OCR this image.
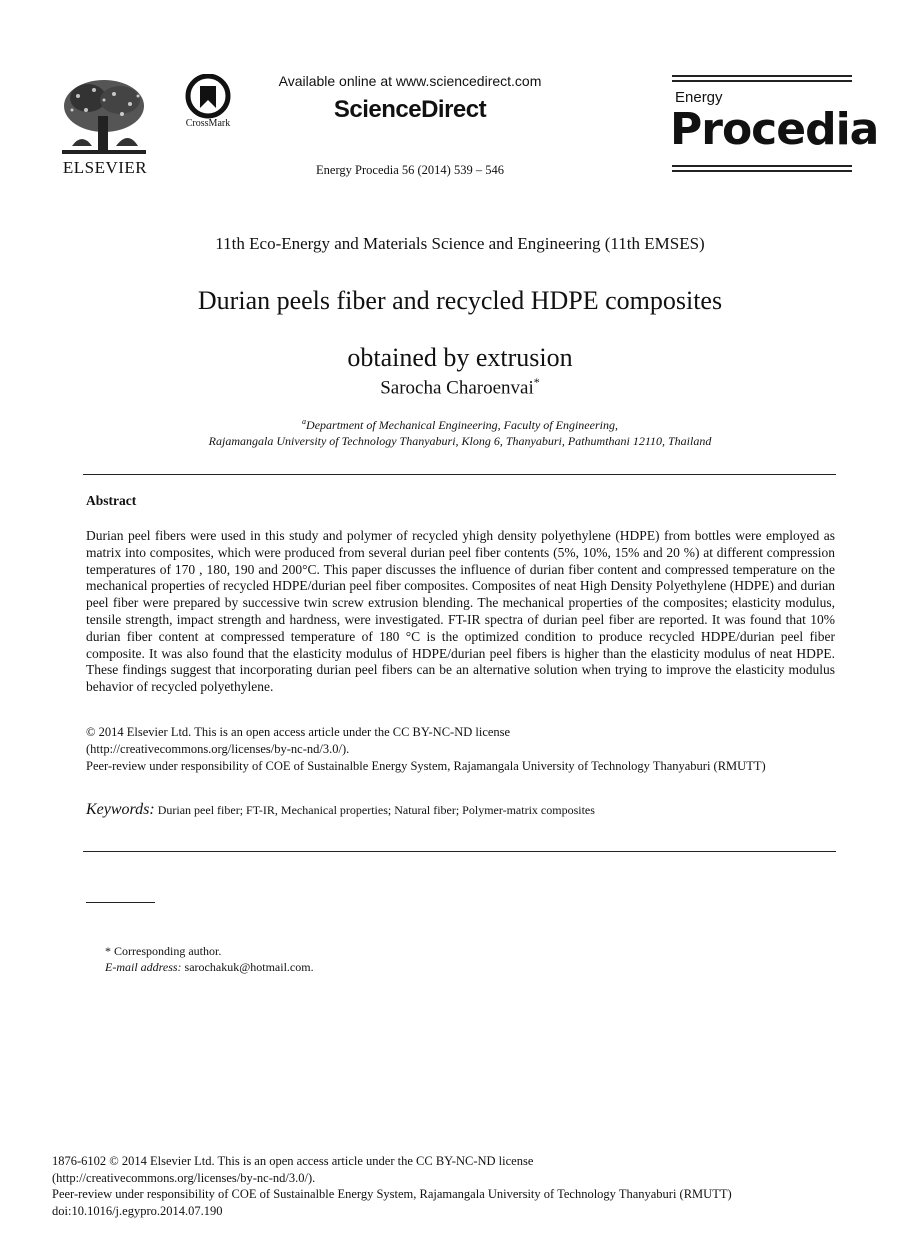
ELSEVIER
CrossMark
Available online at www.sciencedirect.com
ScienceDirect
Energy Procedia 56 (2014) 539 – 546
Energy
Procedia
11th Eco-Energy and Materials Science and Engineering (11th EMSES)
Durian peels fiber and recycled HDPE composites
obtained by extrusion
Sarocha Charoenvai*
$^a$Department of Mechanical Engineering, Faculty of Engineering,
Rajamangala University of Technology Thanyaburi, Klong 6, Thanyaburi, Pathumthani 12110, Thailand
Abstract
Durian peel fibers were used in this study and polymer of recycled yhigh density polyethylene (HDPE) from bottles were employed as matrix into composites, which were produced from several durian peel fiber contents (5%, 10%, 15% and 20 %) at different compression temperatures of 170 , 180, 190 and 200°C. This paper discusses the influence of durian fiber content and compressed temperature on the mechanical properties of recycled HDPE/durian peel fiber composites. Composites of neat High Density Polyethylene (HDPE) and durian peel fiber were prepared by successive twin screw extrusion blending. The mechanical properties of the composites; elasticity modulus, tensile strength, impact strength and hardness, were investigated. FT-IR spectra of durian peel fiber are reported. It was found that 10% durian fiber content at compressed temperature of 180 °C is the optimized condition to produce recycled HDPE/durian peel fiber composite. It was also found that the elasticity modulus of HDPE/durian peel fibers is higher than the elasticity modulus of neat HDPE. These findings suggest that incorporating durian peel fibers can be an alternative solution when trying to improve the elasticity modulus behavior of recycled polyethylene.
© 2014 Elsevier Ltd. This is an open access article under the CC BY-NC-ND license
(http://creativecommons.org/licenses/by-nc-nd/3.0/).
Peer-review under responsibility of COE of Sustainalble Energy System, Rajamangala University of Technology Thanyaburi (RMUTT)
Keywords: Durian peel fiber; FT-IR, Mechanical properties; Natural fiber; Polymer-matrix composites
* Corresponding author.
E-mail address: sarochakuk@hotmail.com.
1876-6102 © 2014 Elsevier Ltd. This is an open access article under the CC BY-NC-ND license
(http://creativecommons.org/licenses/by-nc-nd/3.0/).
Peer-review under responsibility of COE of Sustainalble Energy System, Rajamangala University of Technology Thanyaburi (RMUTT)
doi:10.1016/j.egypro.2014.07.190
